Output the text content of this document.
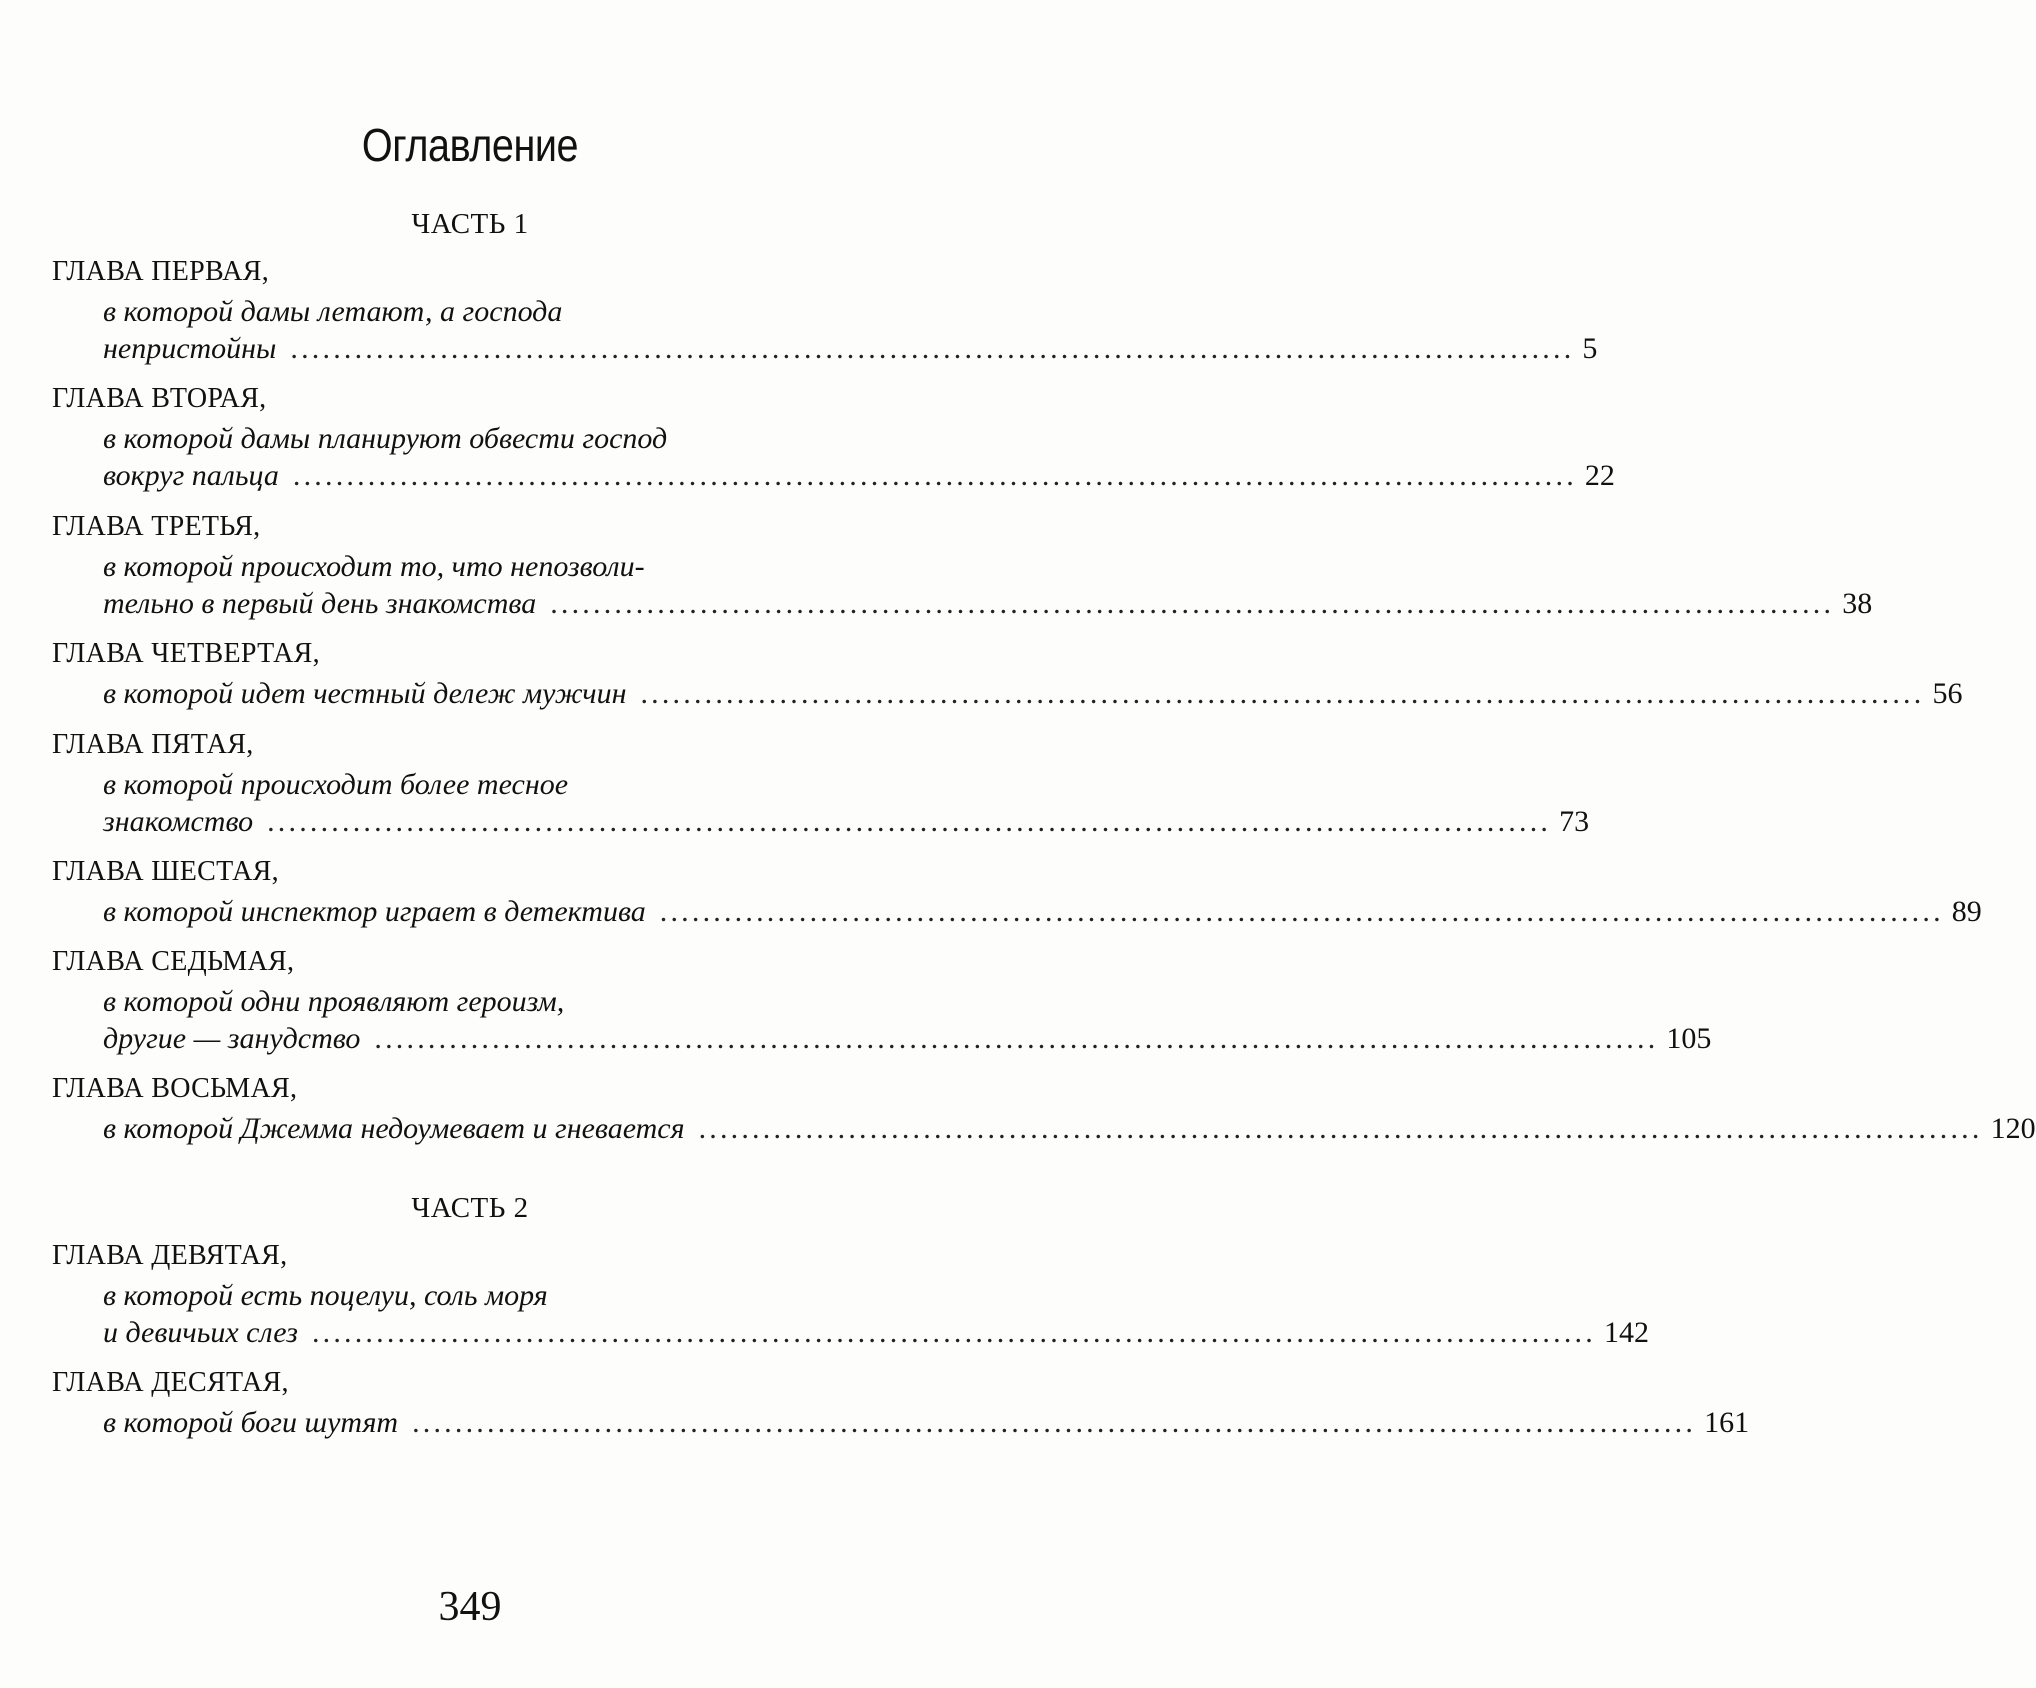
Оглавление
ЧАСТЬ 1
ГЛАВА ПЕРВАЯ,
в которой дамы летают, а господа
непристойны ........................................................................................................................ 5
ГЛАВА ВТОРАЯ,
в которой дамы планируют обвести господ
вокруг пальца ........................................................................................................................ 22
ГЛАВА ТРЕТЬЯ,
в которой происходит то, что непозволи-
тельно в первый день знакомства ........................................................................................................................ 38
ГЛАВА ЧЕТВЕРТАЯ,
в которой идет честный дележ мужчин ........................................................................................................................ 56
ГЛАВА ПЯТАЯ,
в которой происходит более тесное
знакомство ........................................................................................................................ 73
ГЛАВА ШЕСТАЯ,
в которой инспектор играет в детектива ........................................................................................................................ 89
ГЛАВА СЕДЬМАЯ,
в которой одни проявляют героизм,
другие — занудство ........................................................................................................................ 105
ГЛАВА ВОСЬМАЯ,
в которой Джемма недоумевает и гневается ........................................................................................................................ 120
ЧАСТЬ 2
ГЛАВА ДЕВЯТАЯ,
в которой есть поцелуи, соль моря
и девичьих слез ........................................................................................................................ 142
ГЛАВА ДЕСЯТАЯ,
в которой боги шутят ........................................................................................................................ 161
349
